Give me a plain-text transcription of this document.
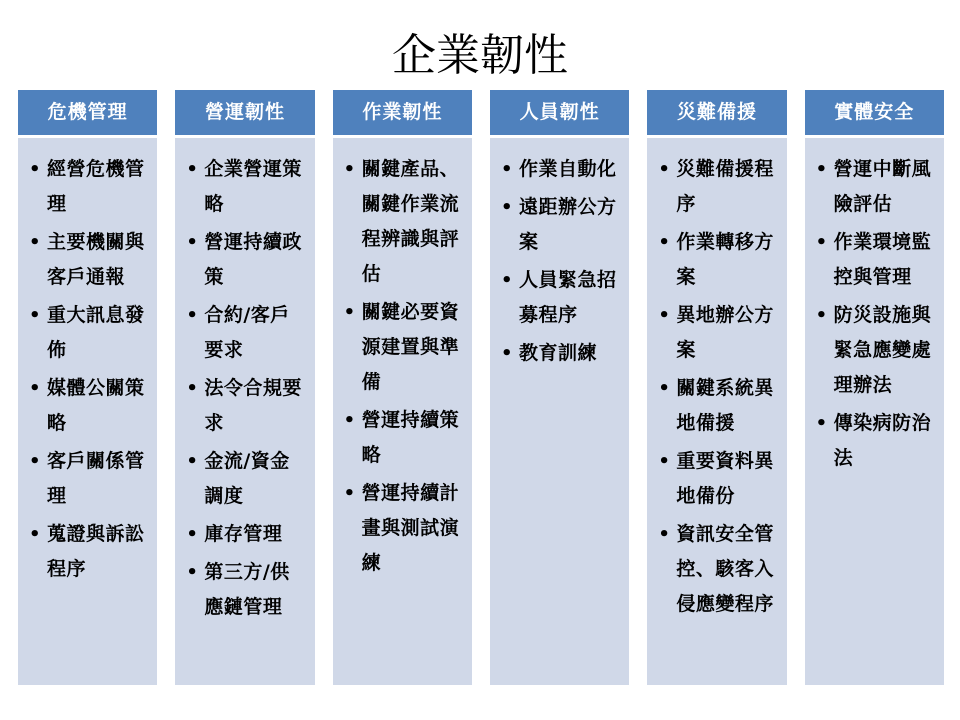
企業韌性
危機管理
• 經營危機管理
• 主要機關與客戶通報
• 重大訊息發佈
• 媒體公關策略
• 客戶關係管理
• 蒐證與訴訟程序
營運韌性
• 企業營運策略
• 營運持續政策
• 合約/客戶要求
• 法令合規要求
• 金流/資金調度
• 庫存管理
• 第三方/供應鏈管理
作業韌性
• 關鍵產品、關鍵作業流程辨識與評估
• 關鍵必要資源建置與準備
• 營運持續策略
• 營運持續計畫與測試演練
人員韌性
• 作業自動化
• 遠距辦公方案
• 人員緊急招募程序
• 教育訓練
災難備援
• 災難備援程序
• 作業轉移方案
• 異地辦公方案
• 關鍵系統異地備援
• 重要資料異地備份
• 資訊安全管控、駭客入侵應變程序
實體安全
• 營運中斷風險評估
• 作業環境監控與管理
• 防災設施與緊急應變處理辦法
• 傳染病防治法
